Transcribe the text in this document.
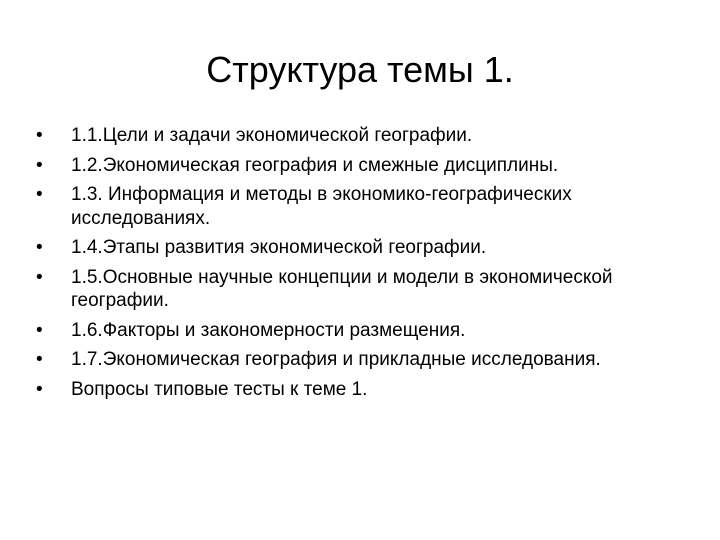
Структура темы 1.
•	1.1.Цели и задачи экономической географии.
•	1.2.Экономическая география и смежные дисциплины.
•	1.3. Информация и методы в экономико-географических исследованиях.
•	1.4.Этапы развития экономической географии.
•	1.5.Основные научные концепции и модели в экономической географии.
•	1.6.Факторы и закономерности размещения.
•	1.7.Экономическая география и прикладные исследования.
•	Вопросы типовые тесты к теме 1.
